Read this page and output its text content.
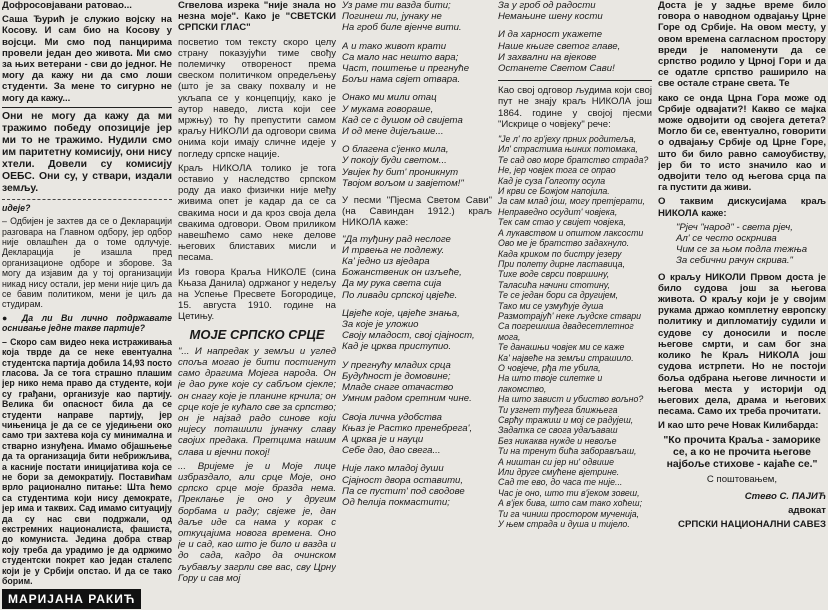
Дофросовјавани ратовао...

Саша Ђурић је служио војску на Косову. И сам био на Косову у војсци. Ми смо под панцирима провели један део живота. Ми смо за њих ветерани - сви до једног. Не могу да кажу ни да смо лоши студенти. За мене то сигурно не могу да кажу...

Они не могу да кажу да ми тражимо победу опозиције јер ми то не тражимо. Нудили смо им паритетну комисију, они нису хтели. Довели су комисију ОЕБС. Они су, у ствари, издали земљу.

идеје?

– Одбијен је захтев да се о Декларацији разговара на Главном одбору, јер одбор није овлашћен да о томе одлучује. Декларација је изашла пред организационе одборе и зборове. За могу да изјавим да у тој организацији никад нису остали, јер мени није циљ да се бавим политиком, мени је циљ да студирам.

● Да ли Ви лично подржавате оснивање једне такве партије?

– Скоро сам видео нека истраживања која тврде да се неке евентуална студентска партија добила 14,93 посто гласова. Ја се тога страшно плашим јер нико нема право да студенте, који су грађани, организује као партију. Велика би опасност била да се студенти направе партију, јер чињеница је да се сe уједињени око само три захтева која су минимална и стварно изнуђена. Имамо објашњење да та организација бити небрижљива, а касније постати иницијатива која се не бори за демократију. Поставићам врло рационално питање: Шта ћемо са студентима који нису демократе, јер има и таквих. Сад имамо ситуацију да су нас сви подржали, од екстремних националиста, фашиста, до комуниста. Једина добра ствар коју треба да урадимо је да одржимо студентски покрет као један сталепс који је у Србији опстао. И да се тако борим.

МАРИЈАНА РАКИЋ

Сrвелова изрека "није знала но незна мојe". Како је "СВЕТСКИ СРПСКИ ГЛАС"

посветио том тексту скоро целу страну показујући тиме свођу полемичку отвореност према свеском политичком опредељењу (што је за сваку похвалу и не укљапа се у концепцију, како је аутор наведо, листа који сеe мржњу) то ћу препустити самом краљу НИКОЛИ да одговори свима онима који имају сличне идеје у погледу српске нације.

Краљ НИКОЛА толико је тога оставио у наследство српском роду да иако физички није међу живима опет је кадар да се са свакима носи и да кроз своја дела свакима одговори. Овом приликом навешћемо само неке делове његових блиставих мисли и песама.

Из говора Краља НИКОЛЕ (сина Књаза Данила) одржаног у недељу на Успење Пресвете Богородице, 15. августа 1910. године на Цетињу.

МОЈЕ СРПСКО СРЦЕ

"... И напредак у земљи и углед спољa могао је бити постигнут само драгима Мојега народа. Он је дао руке које су сабљом сјекле; он снагу које је планине крчила; он срце које је кућало све за српство; он је најзад радо синове који нијесу поташили јуначку славу својих предака. Претцима нашим слава и вјечни покој!

... Вријеме је и Моје лице избраздало, али срце Моје, оно српско срце моје бразда нема. Преклањe је оно у другим борбама и раду; свјеже је, дан дaље иде са нама у корак с откуцајима новога времена. Оно је и сад, као што је било и вазда и до сада, кадро да очинском љубављу загрли све вас, сву Црну Гору и сав мој

Уз раме ти вазда бити;

Погинеш ли, јунаку не

На гроб биле вјенче вити.

А и тако живот крати

Са мало нас нешто вара;

Част, поштење и прегнуће

Бољи нама свјет отвара.

Онако ми мили отац

У мукама говораше,

Кад се с душом од свијета

И од мене дијељаше...

О благена с'јенко мила,

У покоју буди светом...

Увијек ћу бит' проникнут

Твојом вољом и завјетом!"

У песми "Пјесма Светом Сави" (на Савиндан 1912.) краљ НИКОЛА каже:

"Да туђину рад неслоге

И трвења не подлежу.

Ка' једно из вједара

Божанственик он изљеће,

Да му рука света сија

По ливади српској цвјеће.

Цвјеће које, цвјеће знања,

За које је уложио

Своју младост, свој сјајност,

Кад је црква приступио.

У прегнућу младих срца

Будућност је домовине;

Младе снаге отачаство

Умним радом сретним чине.

Своја лична удобства

Књаз је Растко пренебрега',

А црква је и науци

Себе дао, дао свега...

Није лако младој души

Сјајност двора оставити,

Па се пустит' под сводове

Од ћелија покмастити;

За у гроб од радости

Немањине шену кости

И да харност укажете

Наше књиге светог главе,

И захвални на вјекове

Останете Светом Сави!

Као свој одговор људима који свој пут не знају краљ НИКОЛА још 1864. године у својој пјесми "Искрице о човјеку" рече:

"Је л' по гр'јеху прних родитеља,

Ил' страстима њиних потомака,

Те сад ово море братство страда?

Не, јер човјек тога се опраo

Кад је сузa Голготу осула

И крви се Божјом напојила.

Ја сам млад још, могу претјерати,

Неправедно осудит' човјека,

Тек сам стао у свијет човјека,

А лукавством и општом лаксости

Ово ме је братство задахнуло.

Када криком по бистру језеру

При полету дирне ластавица,

Тихе водe сврси површину,

Таласића начини стотину,

Те се један бори са другијем,

Тако ми се узмућује душа

Размотрајућ' неке људске ствари

Са погрешиша двадесетлетног мога,

Те данашњи човјек ми се каже

Ка' наjвеће на земљи страшило.

О човјече, рђа те убила,

На што твоје силетке и лакомство,

На што завист и убиство вољно?

Ти узгнет туђега ближњега

Сврћу тражиш и мој се радујеш,

Задатка се свога удаљаваш

Без никаква нужде и невоље

Ти на тренут бића заборављаш,

А ништан си јер ни' одвише

Или друге смућене вјетрине.

Сад те ево, до часа те није...

Час је оно, што ти в'јеком зовеш,

А в'јек бива, што сам тако хоћеш;

Ти га чиниш простором мученија,

У њем страда и душа и тијело.

Доста је у задње време било говора о наводном одвајању Црне Горе од Србије. На овом месту, у овом времена сагласном простору вреди је напоменути да се српство родило у Црној Гори и да се одатле српство раширило на све остале стране света. Те

како се онда Црна Гора може од Србије одвајати?! Какво се мајка може одвојити од својега детета? Могло би се, евентуално, говорити о одвајању Србије од Црне Горе, што би било равно самоубиству, јер би то исто значило као и одвојити тело од његова срца па га пустити да живи.

О таквим дискусијама краљ НИКОЛА каже:

"Рјеч "народ" - света рјеч,

Ал' се често оскрнива

Чим се за њом подла тежња

За себични рачун скрива."

О краљу НИКОЛИ Првом доста је било судова још за његова живота. О краљу који је у својим рукама држао комплетну европску политику и дипломатију судили и судове су доносили и после његове смрти, и сам бог зна колико ће Краљ НИКОЛА још судова истрпети. Но не постоји боља одбрана његове личности и његова места у историји од његових дела, драма и његових песама. Само их треба прочитати.

И као што рече Новак Килибарда:

"Ко прочита Краља - заморике се, а ко не прочита његове најбоље стихове - кајаће се."

С поштовањем,

Стево С. ПАЈИЋ

адвокат

СРПСКИ НАЦИОНАЛНИ САВЕЗ
